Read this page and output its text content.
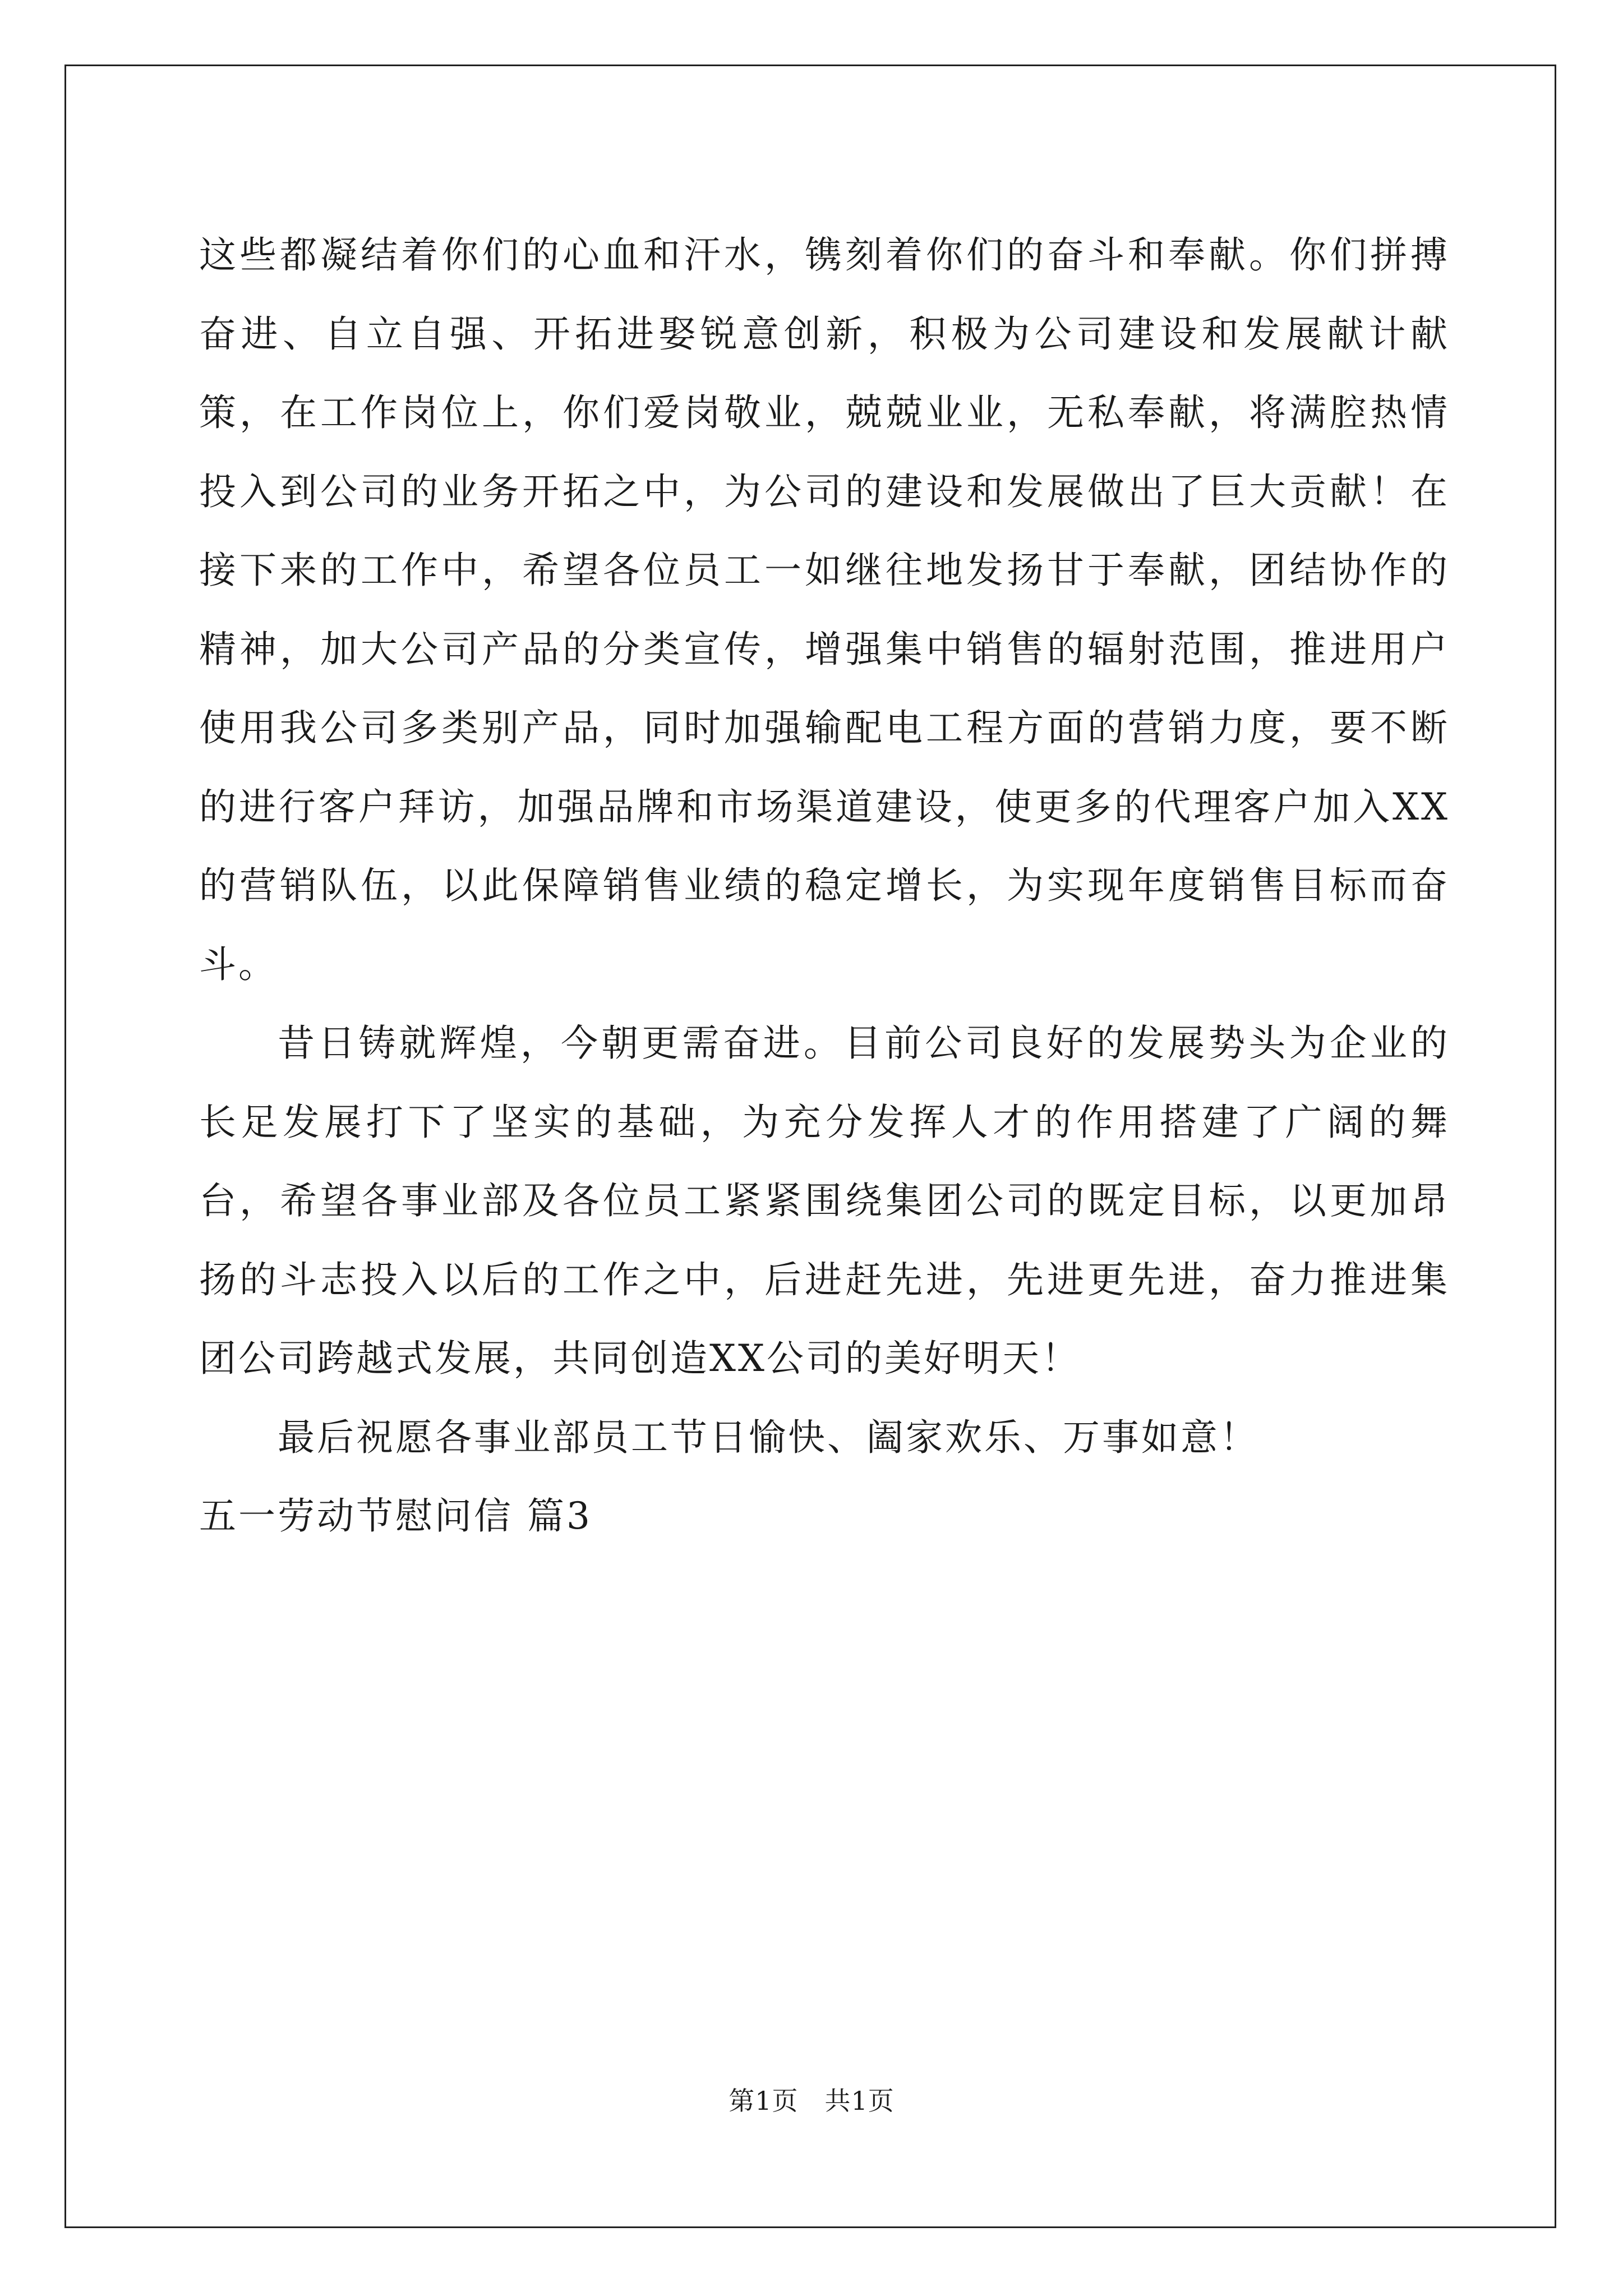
这些都凝结着你们的心血和汗水，镌刻着你们的奋斗和奉献。你们拼搏奋进、自立自强、开拓进娶锐意创新，积极为公司建设和发展献计献策，在工作岗位上，你们爱岗敬业，兢兢业业，无私奉献，将满腔热情投入到公司的业务开拓之中，为公司的建设和发展做出了巨大贡献！在接下来的工作中，希望各位员工一如继往地发扬甘于奉献，团结协作的精神，加大公司产品的分类宣传，增强集中销售的辐射范围，推进用户使用我公司多类别产品，同时加强输配电工程方面的营销力度，要不断的进行客户拜访，加强品牌和市场渠道建设，使更多的代理客户加入XX的营销队伍，以此保障销售业绩的稳定增长，为实现年度销售目标而奋斗。

昔日铸就辉煌，今朝更需奋进。目前公司良好的发展势头为企业的长足发展打下了坚实的基础，为充分发挥人才的作用搭建了广阔的舞台，希望各事业部及各位员工紧紧围绕集团公司的既定目标，以更加昂扬的斗志投入以后的工作之中，后进赶先进，先进更先进，奋力推进集团公司跨越式发展，共同创造XX公司的美好明天！

最后祝愿各事业部员工节日愉快、阖家欢乐、万事如意！

五一劳动节慰问信 篇3

第1页　共1页
